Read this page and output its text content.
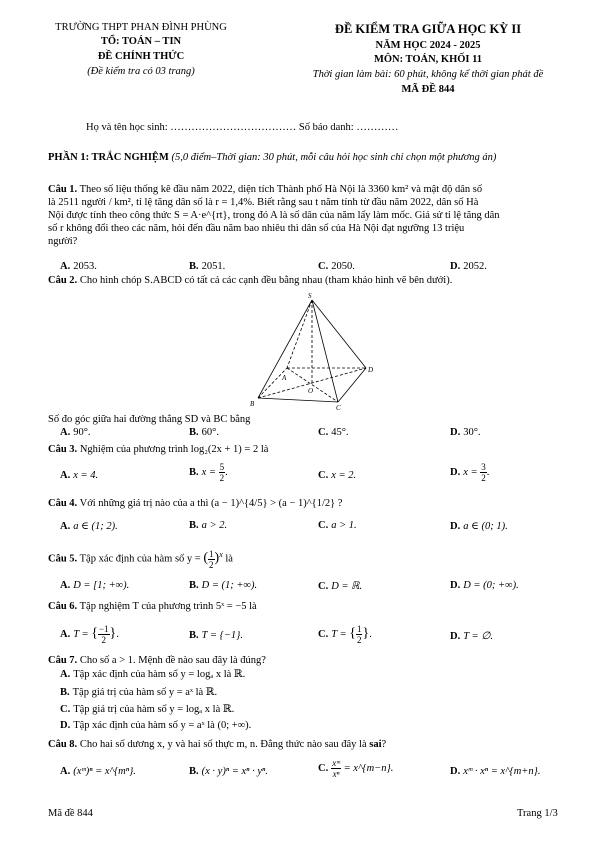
TRƯỜNG THPT PHAN ĐÌNH PHÙNG
TỔ: TOÁN – TIN
ĐỀ CHÍNH THỨC
(Đề kiểm tra có 03 trang)
ĐỀ KIỂM TRA GIỮA HỌC KỲ II
NĂM HỌC 2024 - 2025
MÔN: TOÁN, KHỐI 11
Thời gian làm bài: 60 phút, không kể thời gian phát đề
MÃ ĐỀ 844
Họ và tên học sinh: ……………………………… Số báo danh: …………
PHẦN 1: TRẮC NGHIỆM (5,0 điểm–Thời gian: 30 phút, mỗi câu hỏi học sinh chỉ chọn một phương án)
Câu 1. Theo số liệu thống kê đầu năm 2022, diện tích Thành phố Hà Nội là 3360 km² và mật độ dân số
là 2511 người / km², tỉ lệ tăng dân số là r = 1,4%. Biết rằng sau t năm tính từ đầu năm 2022, dân số Hà
Nội được tính theo công thức S = A·e^{rt}, trong đó A là số dân của năm lấy làm mốc. Giả sử tỉ lệ tăng dân
số r không đổi theo các năm, hỏi đến đầu năm bao nhiêu thì dân số của Hà Nội đạt ngưỡng 13 triệu
người?
A. 2053.	B. 2051.	C. 2050.	D. 2052.
Câu 2. Cho hình chóp S.ABCD có tất cả các cạnh đều bằng nhau (tham khảo hình vẽ bên dưới).
S
A
B	C
D
O
Số đo góc giữa hai đường thẳng SD và BC bằng
A. 90°.	B. 60°.	C. 45°.	D. 30°.
Câu 3. Nghiệm của phương trình log₂(2x + 1) = 2 là
A. x = 4.	B. $x = \frac{5}{2}$ .	C. x = 2.	D. $x = \frac{3}{2}$ .
Câu 4. Với những giá trị nào của a thì (a − 1)^{4/5} > (a − 1)^{1/2} ?
A. a ∈ (1; 2).	B. a > 2.	C. a > 1.	D. a ∈ (0; 1).
Câu 5. Tập xác định của hàm số y = ( $\frac{1}{2} )^x$ là
A. D = [1; +∞).	B. D = (1; +∞).	C. D = ℝ.	D. D = (0; +∞).
Câu 6. Tập nghiệm T của phương trình 5ˣ = −5 là
A. T = { $\frac{-1}{2}$ }.	B. T = {−1}.	C. T = { $\frac{1}{2}$ }.	D. T = ∅.
Câu 7. Cho số a > 1. Mệnh đề nào sau đây là đúng?
A. Tập xác định của hàm số y = logₐ x là ℝ.
B. Tập giá trị của hàm số y = aˣ là ℝ.
C. Tập giá trị của hàm số y = logₐ x là ℝ.
D. Tập xác định của hàm số y = aˣ là (0; +∞).
Câu 8. Cho hai số dương x, y và hai số thực m, n. Đẳng thức nào sau đây là sai?
A. (xᵐ)ⁿ = x^{mⁿ}.	B. (x · y)ⁿ = xⁿ · yⁿ.	C. $\frac{\text{xᵐ}}{\text{xⁿ}}$ = x^{m−n}.	D. xᵐ · xⁿ = x^{m+n}.
Mã đề 844	Trang 1/3
